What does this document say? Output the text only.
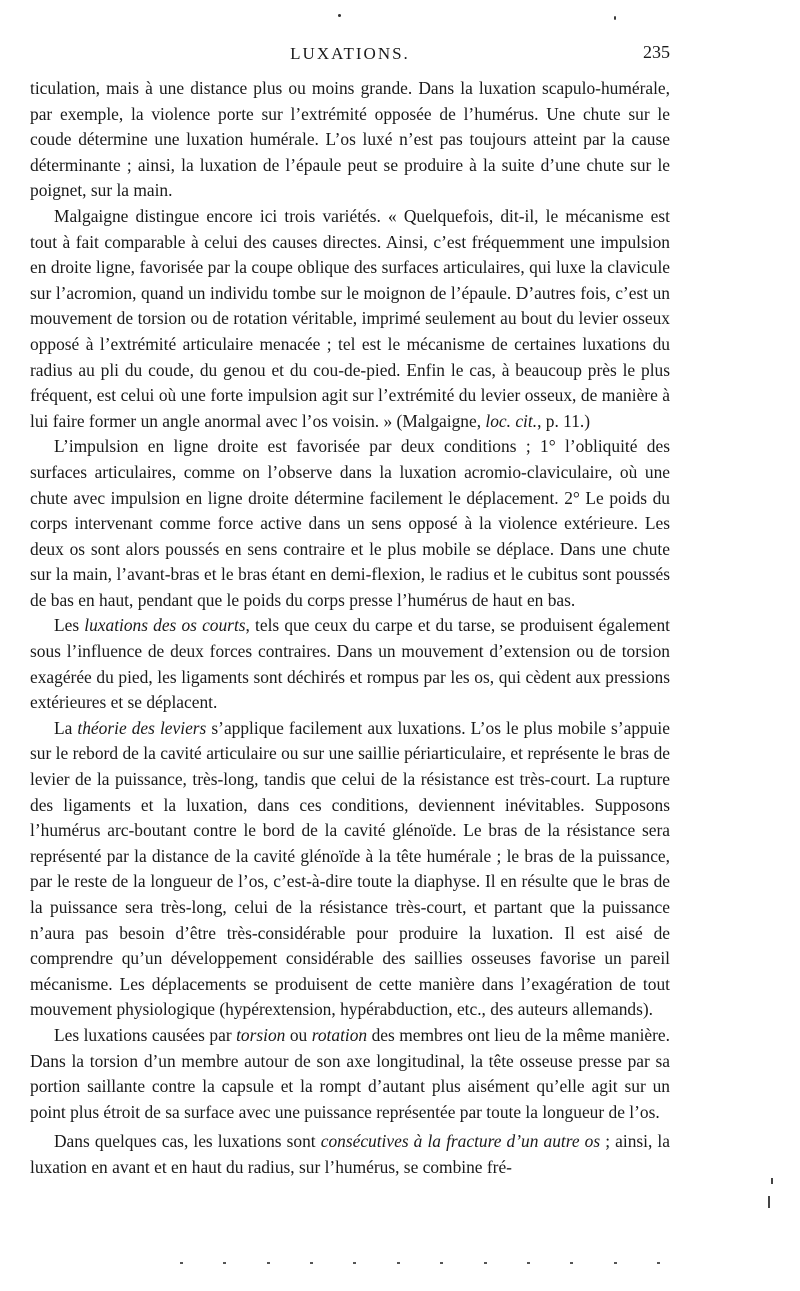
LUXATIONS.	235

ticulation, mais à une distance plus ou moins grande. Dans la luxation scapulo-humérale, par exemple, la violence porte sur l’extrémité opposée de l’humérus. Une chute sur le coude détermine une luxation humérale. L’os luxé n’est pas toujours atteint par la cause déterminante ; ainsi, la luxation de l’épaule peut se produire à la suite d’une chute sur le poignet, sur la main.

Malgaigne distingue encore ici trois variétés. « Quelquefois, dit-il, le mécanisme est tout à fait comparable à celui des causes directes. Ainsi, c’est fréquemment une impulsion en droite ligne, favorisée par la coupe oblique des surfaces articulaires, qui luxe la clavicule sur l’acromion, quand un individu tombe sur le moignon de l’épaule. D’autres fois, c’est un mouvement de torsion ou de rotation véritable, imprimé seulement au bout du levier osseux opposé à l’extrémité articulaire menacée ; tel est le mécanisme de certaines luxations du radius au pli du coude, du genou et du cou-de-pied. Enfin le cas, à beaucoup près le plus fréquent, est celui où une forte impulsion agit sur l’extrémité du levier osseux, de manière à lui faire former un angle anormal avec l’os voisin. » (Malgaigne, loc. cit., p. 11.)

L’impulsion en ligne droite est favorisée par deux conditions ; 1° l’obliquité des surfaces articulaires, comme on l’observe dans la luxation acromio-claviculaire, où une chute avec impulsion en ligne droite détermine facilement le déplacement. 2° Le poids du corps intervenant comme force active dans un sens opposé à la violence extérieure. Les deux os sont alors poussés en sens contraire et le plus mobile se déplace. Dans une chute sur la main, l’avant-bras et le bras étant en demi-flexion, le radius et le cubitus sont poussés de bas en haut, pendant que le poids du corps presse l’humérus de haut en bas.

Les luxations des os courts, tels que ceux du carpe et du tarse, se produisent également sous l’influence de deux forces contraires. Dans un mouvement d’extension ou de torsion exagérée du pied, les ligaments sont déchirés et rompus par les os, qui cèdent aux pressions extérieures et se déplacent.

La théorie des leviers s’applique facilement aux luxations. L’os le plus mobile s’appuie sur le rebord de la cavité articulaire ou sur une saillie périarticulaire, et représente le bras de levier de la puissance, très-long, tandis que celui de la résistance est très-court. La rupture des ligaments et la luxation, dans ces conditions, deviennent inévitables. Supposons l’humérus arc-boutant contre le bord de la cavité glénoïde. Le bras de la résistance sera représenté par la distance de la cavité glénoïde à la tête humérale ; le bras de la puissance, par le reste de la longueur de l’os, c’est-à-dire toute la diaphyse. Il en résulte que le bras de la puissance sera très-long, celui de la résistance très-court, et partant que la puissance n’aura pas besoin d’être très-considérable pour produire la luxation. Il est aisé de comprendre qu’un développement considérable des saillies osseuses favorise un pareil mécanisme. Les déplacements se produisent de cette manière dans l’exagération de tout mouvement physiologique (hypérextension, hypérabduction, etc., des auteurs allemands).

Les luxations causées par torsion ou rotation des membres ont lieu de la même manière. Dans la torsion d’un membre autour de son axe longitudinal, la tête osseuse presse par sa portion saillante contre la capsule et la rompt d’autant plus aisément qu’elle agit sur un point plus étroit de sa surface avec une puissance représentée par toute la longueur de l’os.

Dans quelques cas, les luxations sont consécutives à la fracture d’un autre os ; ainsi, la luxation en avant et en haut du radius, sur l’humérus, se combine fré-
